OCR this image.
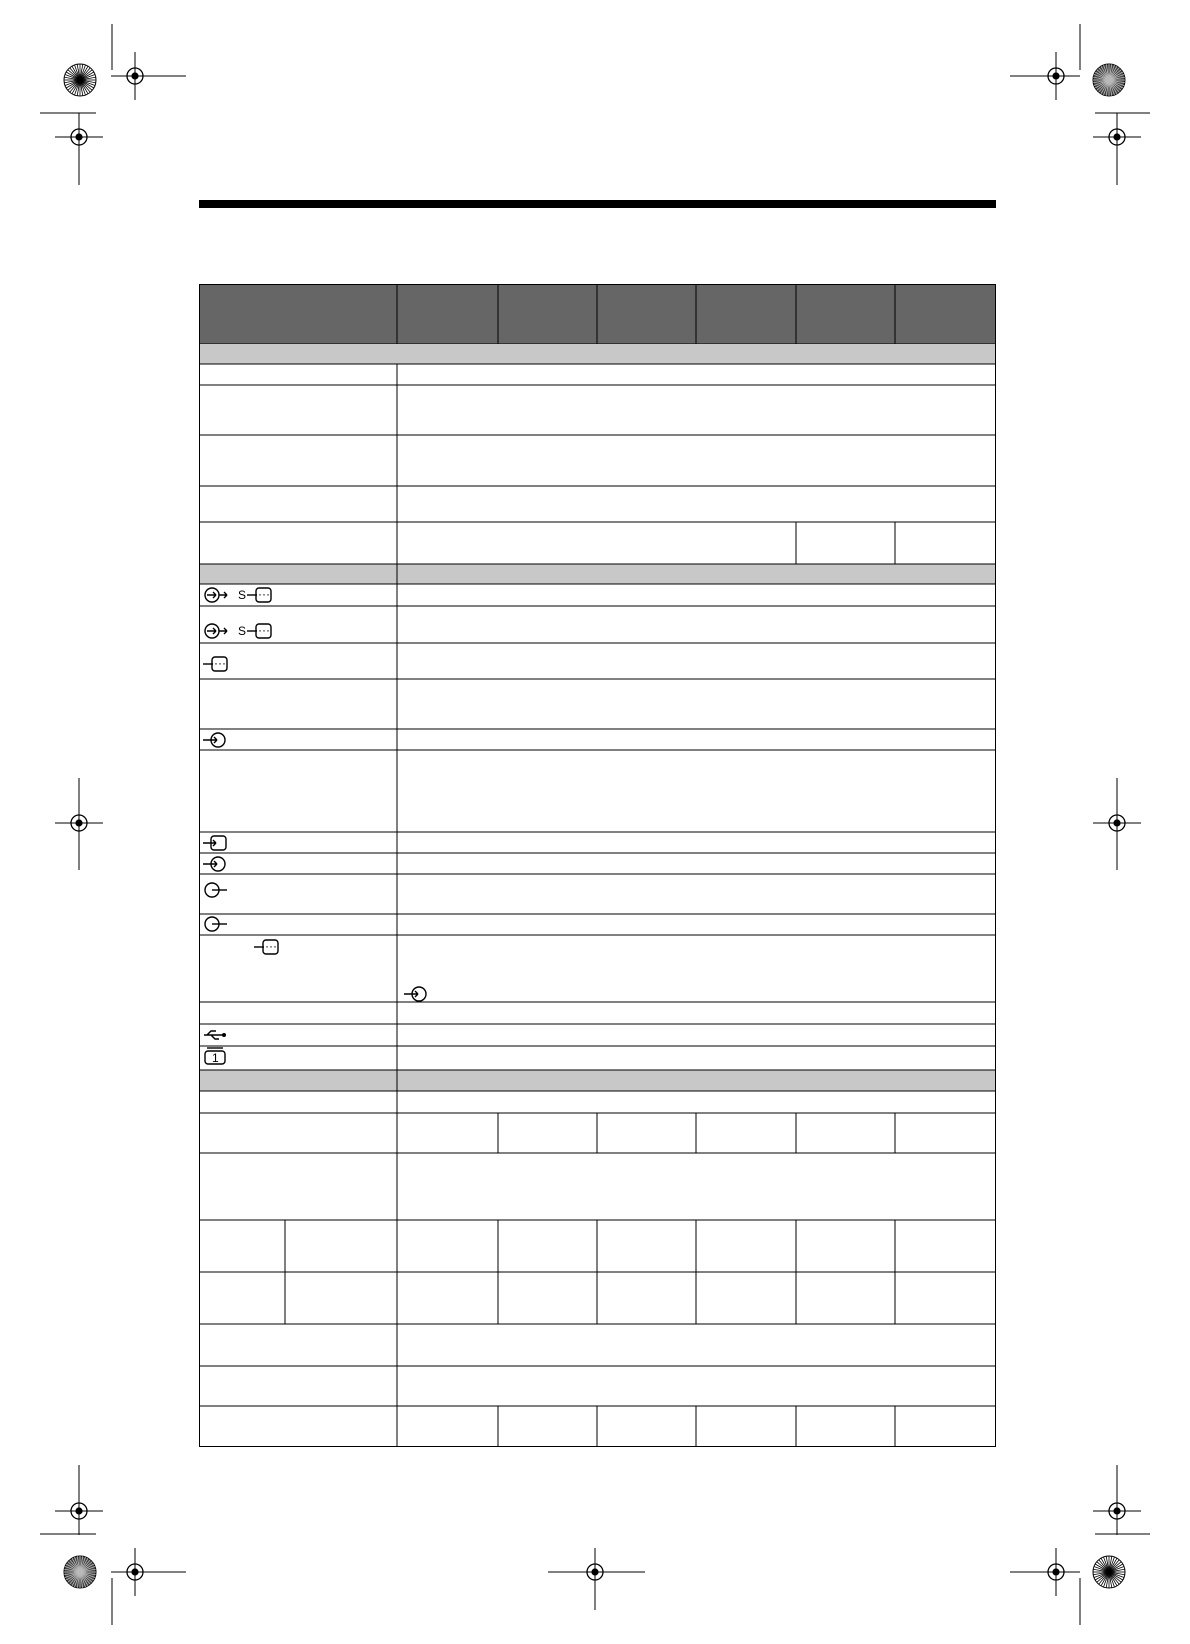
S ···
S ···
···
···
1
